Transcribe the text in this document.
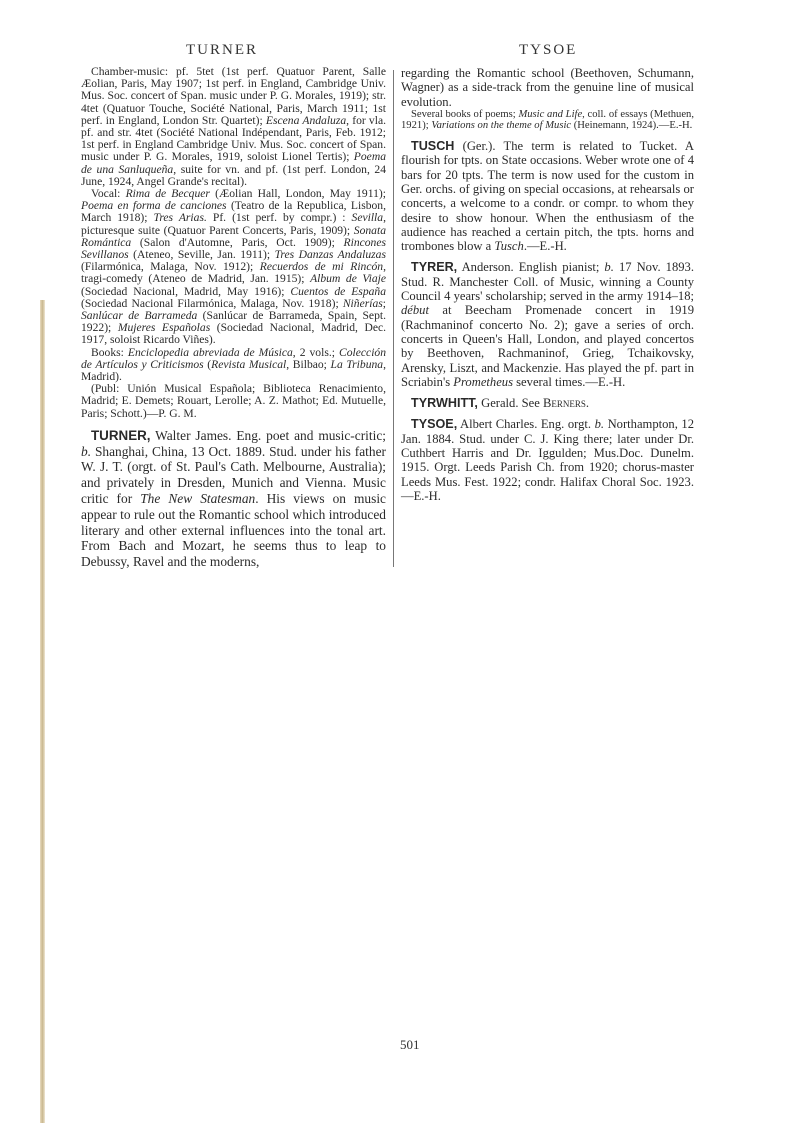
TURNER	TYSOE

Chamber-music: pf. 5tet (1st perf. Quatuor Parent, Salle Æolian, Paris, May 1907; 1st perf. in England, Cambridge Univ. Mus. Soc. concert of Span. music under P. G. Morales, 1919); str. 4tet (Quatuor Touche, Société National, Paris, March 1911; 1st perf. in England, London Str. Quartet); Escena Andaluza, for vla. pf. and str. 4tet (Société National Indépendant, Paris, Feb. 1912; 1st perf. in England Cambridge Univ. Mus. Soc. concert of Span. music under P. G. Morales, 1919, soloist Lionel Tertis); Poema de una Sanluqueña, suite for vn. and pf. (1st perf. London, 24 June, 1924, Angel Grande's recital).

Vocal: Rima de Becquer (Æolian Hall, London, May 1911); Poema en forma de canciones (Teatro de la Republica, Lisbon, March 1918); Tres Arias. Pf. (1st perf. by compr.) : Sevilla, picturesque suite (Quatuor Parent Concerts, Paris, 1909); Sonata Romántica (Salon d'Automne, Paris, Oct. 1909); Rincones Sevillanos (Ateneo, Seville, Jan. 1911); Tres Danzas Andaluzas (Filarmónica, Malaga, Nov. 1912); Recuerdos de mi Rincón, tragi-comedy (Ateneo de Madrid, Jan. 1915); Album de Viaje (Sociedad Nacional, Madrid, May 1916); Cuentos de España (Sociedad Nacional Filarmónica, Malaga, Nov. 1918); Niñerías; Sanlúcar de Barrameda (Sanlúcar de Barrameda, Spain, Sept. 1922); Mujeres Españolas (Sociedad Nacional, Madrid, Dec. 1917, soloist Ricardo Viñes).

Books: Enciclopedia abreviada de Música, 2 vols.; Colección de Artículos y Criticismos (Revista Musical, Bilbao; La Tribuna, Madrid).

(Publ: Unión Musical Española; Biblioteca Renacimiento, Madrid; E. Demets; Rouart, Lerolle; A. Z. Mathot; Ed. Mutuelle, Paris; Schott.)—P. G. M.

TURNER, Walter James. Eng. poet and music-critic; b. Shanghai, China, 13 Oct. 1889. Stud. under his father W. J. T. (orgt. of St. Paul's Cath. Melbourne, Australia); and privately in Dresden, Munich and Vienna. Music critic for The New Statesman. His views on music appear to rule out the Romantic school which introduced literary and other external influences into the tonal art. From Bach and Mozart, he seems thus to leap to Debussy, Ravel and the moderns,

regarding the Romantic school (Beethoven, Schumann, Wagner) as a side-track from the genuine line of musical evolution.

Several books of poems; Music and Life, coll. of essays (Methuen, 1921); Variations on the theme of Music (Heinemann, 1924).—E.-H.

TUSCH (Ger.). The term is related to Tucket. A flourish for tpts. on State occasions. Weber wrote one of 4 bars for 20 tpts. The term is now used for the custom in Ger. orchs. of giving on special occasions, at rehearsals or concerts, a welcome to a condr. or compr. to whom they desire to show honour. When the enthusiasm of the audience has reached a certain pitch, the tpts. horns and trombones blow a Tusch.—E.-H.

TYRER, Anderson. English pianist; b. 17 Nov. 1893. Stud. R. Manchester Coll. of Music, winning a County Council 4 years' scholarship; served in the army 1914–18; début at Beecham Promenade concert in 1919 (Rachmaninof concerto No. 2); gave a series of orch. concerts in Queen's Hall, London, and played concertos by Beethoven, Rachmaninof, Grieg, Tchaikovsky, Arensky, Liszt, and Mackenzie. Has played the pf. part in Scriabin's Prometheus several times.—E.-H.

TYRWHITT, Gerald. See Berners.

TYSOE, Albert Charles. Eng. orgt. b. Northampton, 12 Jan. 1884. Stud. under C. J. King there; later under Dr. Cuthbert Harris and Dr. Iggulden; Mus.Doc. Dunelm. 1915. Orgt. Leeds Parish Ch. from 1920; chorus-master Leeds Mus. Fest. 1922; condr. Halifax Choral Soc. 1923.—E.-H.

501
